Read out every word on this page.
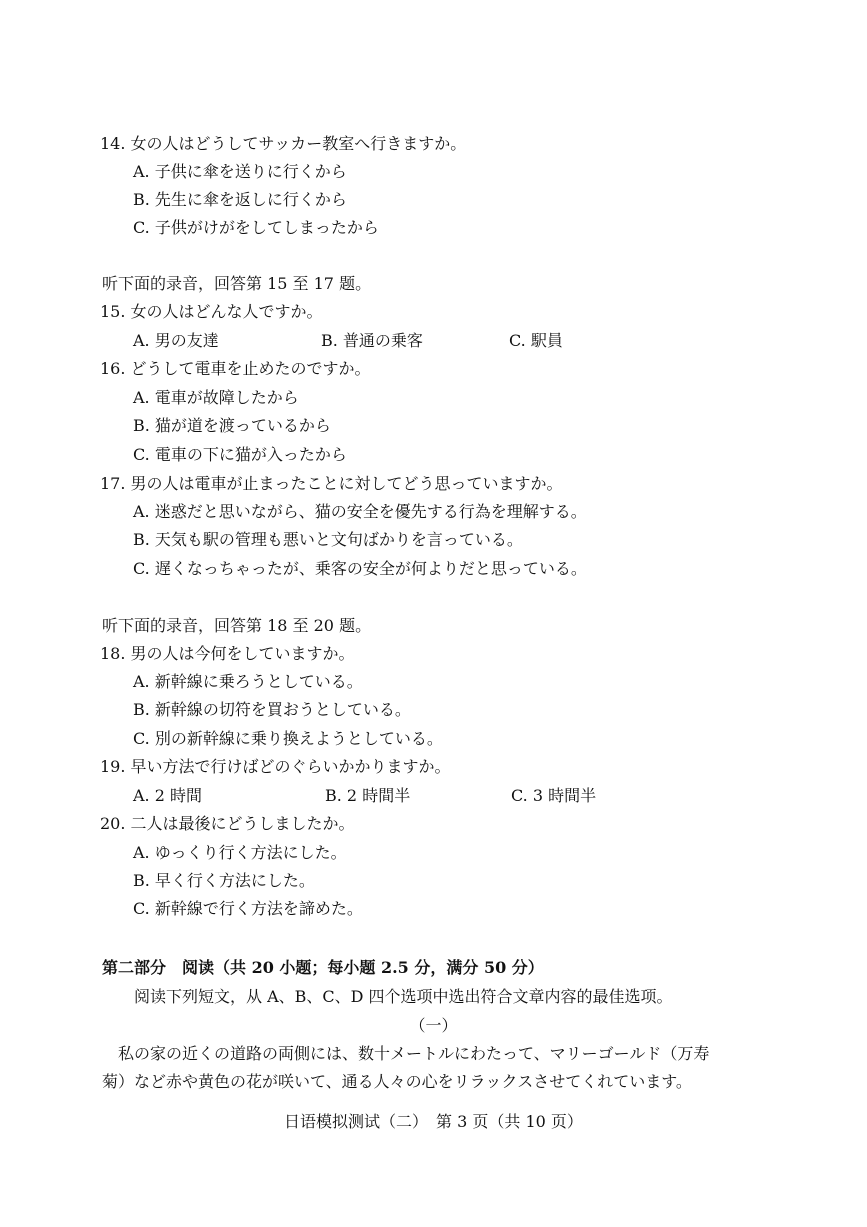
14. 女の人はどうしてサッカー教室へ行きますか。
A. 子供に傘を送りに行くから
B. 先生に傘を返しに行くから
C. 子供がけがをしてしまったから
听下面的录音，回答第 15 至 17 题。
15. 女の人はどんな人ですか。
16. どうして電車を止めたのですか。
A. 電車が故障したから
B. 猫が道を渡っているから
C. 電車の下に猫が入ったから
17. 男の人は電車が止まったことに対してどう思っていますか。
A. 迷惑だと思いながら、猫の安全を優先する行為を理解する。
B. 天気も駅の管理も悪いと文句ばかりを言っている。
C. 遅くなっちゃったが、乗客の安全が何よりだと思っている。
听下面的录音，回答第 18 至 20 题。
18. 男の人は今何をしていますか。
A. 新幹線に乗ろうとしている。
B. 新幹線の切符を買おうとしている。
C. 別の新幹線に乗り換えようとしている。
19. 早い方法で行けばどのぐらいかかりますか。
20. 二人は最後にどうしましたか。
A. ゆっくり行く方法にした。
B. 早く行く方法にした。
C. 新幹線で行く方法を諦めた。
A. 男の友達	B. 普通の乗客	C. 駅員
A. 2 時間	B. 2 時間半	C. 3 時間半
第二部分　阅读（共 20 小题；每小题 2.5 分，满分 50 分）
阅读下列短文，从 A、B、C、D 四个选项中选出符合文章内容的最佳选项。
（一）
私の家の近くの道路の両側には、数十メートルにわたって、マリーゴールド（万寿
菊）など赤や黄色の花が咲いて、通る人々の心をリラックスさせてくれています。
日语模拟测试（二）　第 3 页（共 10 页）
